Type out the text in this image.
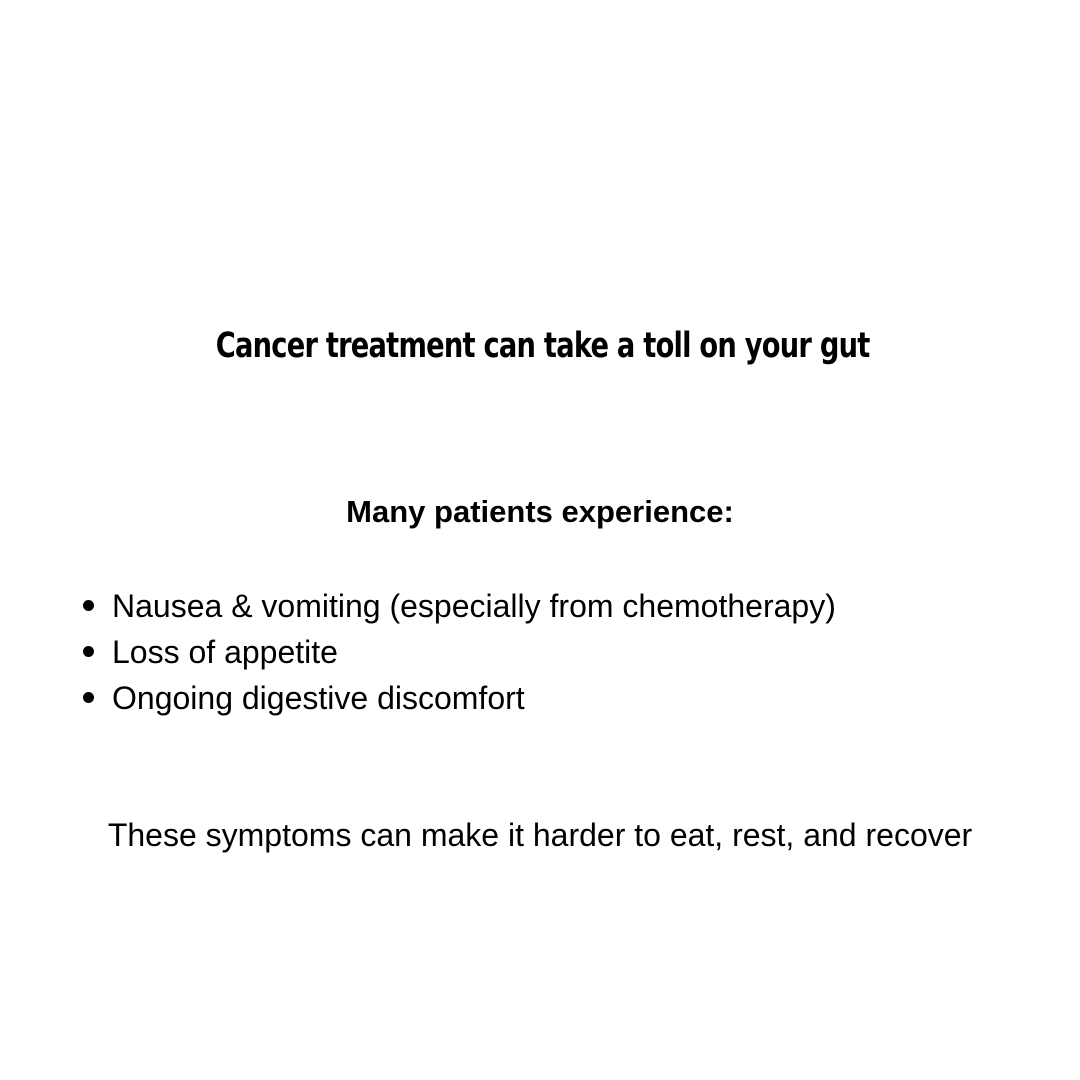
Cancer treatment can take a toll on your gut
Many patients experience:
Nausea & vomiting (especially from chemotherapy)
Loss of appetite
Ongoing digestive discomfort
These symptoms can make it harder to eat, rest, and recover
